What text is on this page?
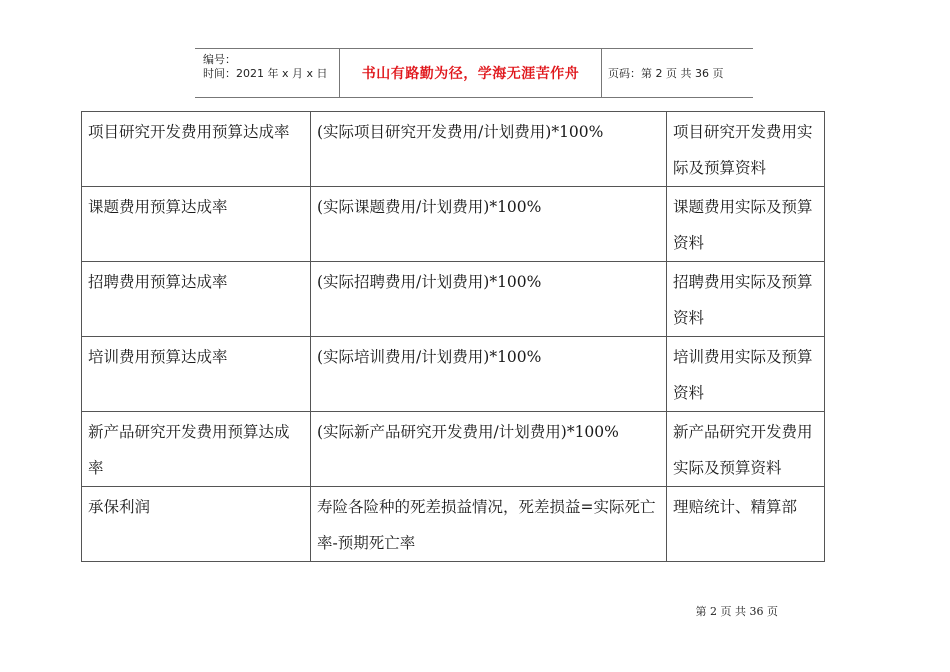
编号：
时间：2021 年 x 月 x 日 书山有路勤为径，学海无涯苦作舟	页码：第 2 页 共 36 页
项目研究开发费用预算达成率	(实际项目研究开发费用/计划费用)*100%	项目研究开发费用实际及预算资料
课题费用预算达成率	(实际课题费用/计划费用)*100%	课题费用实际及预算资料
招聘费用预算达成率	(实际招聘费用/计划费用)*100%	招聘费用实际及预算资料
培训费用预算达成率	(实际培训费用/计划费用)*100%	培训费用实际及预算资料
新产品研究开发费用预算达成率	(实际新产品研究开发费用/计划费用)*100%	新产品研究开发费用实际及预算资料
承保利润	寿险各险种的死差损益情况，死差损益=实际死亡率-预期死亡率	理赔统计、精算部
第 2 页 共 36 页
